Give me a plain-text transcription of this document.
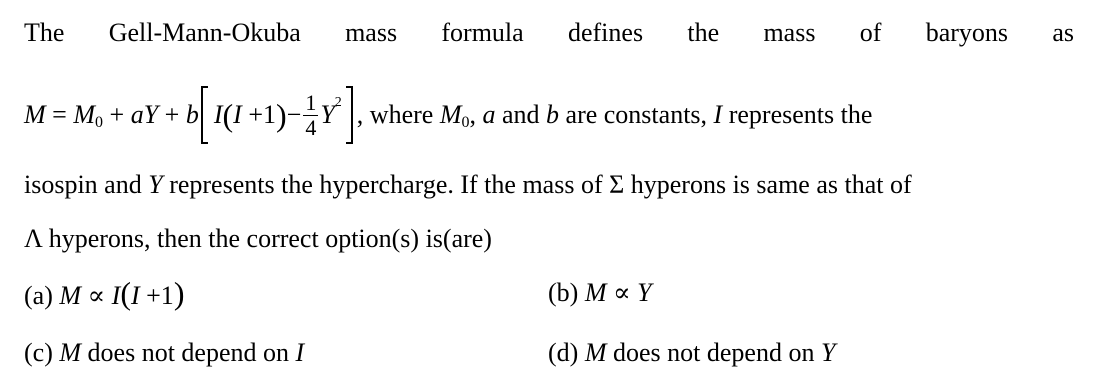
The Gell-Mann-Okuba mass formula defines the mass of baryons as
M = M 0 + aY + b I ( I +1 ) − $\frac{1}{4}$ Y 2 , where M 0 , a and b are constants, I represents the
isospin and Y represents the hypercharge. If the mass of Σ hyperons is same as that of
Λ hyperons, then the correct option(s) is(are)
(a) M ∝ I(I +1)	(b) M ∝ Y
(c) M does not depend on I	(d) M does not depend on Y
